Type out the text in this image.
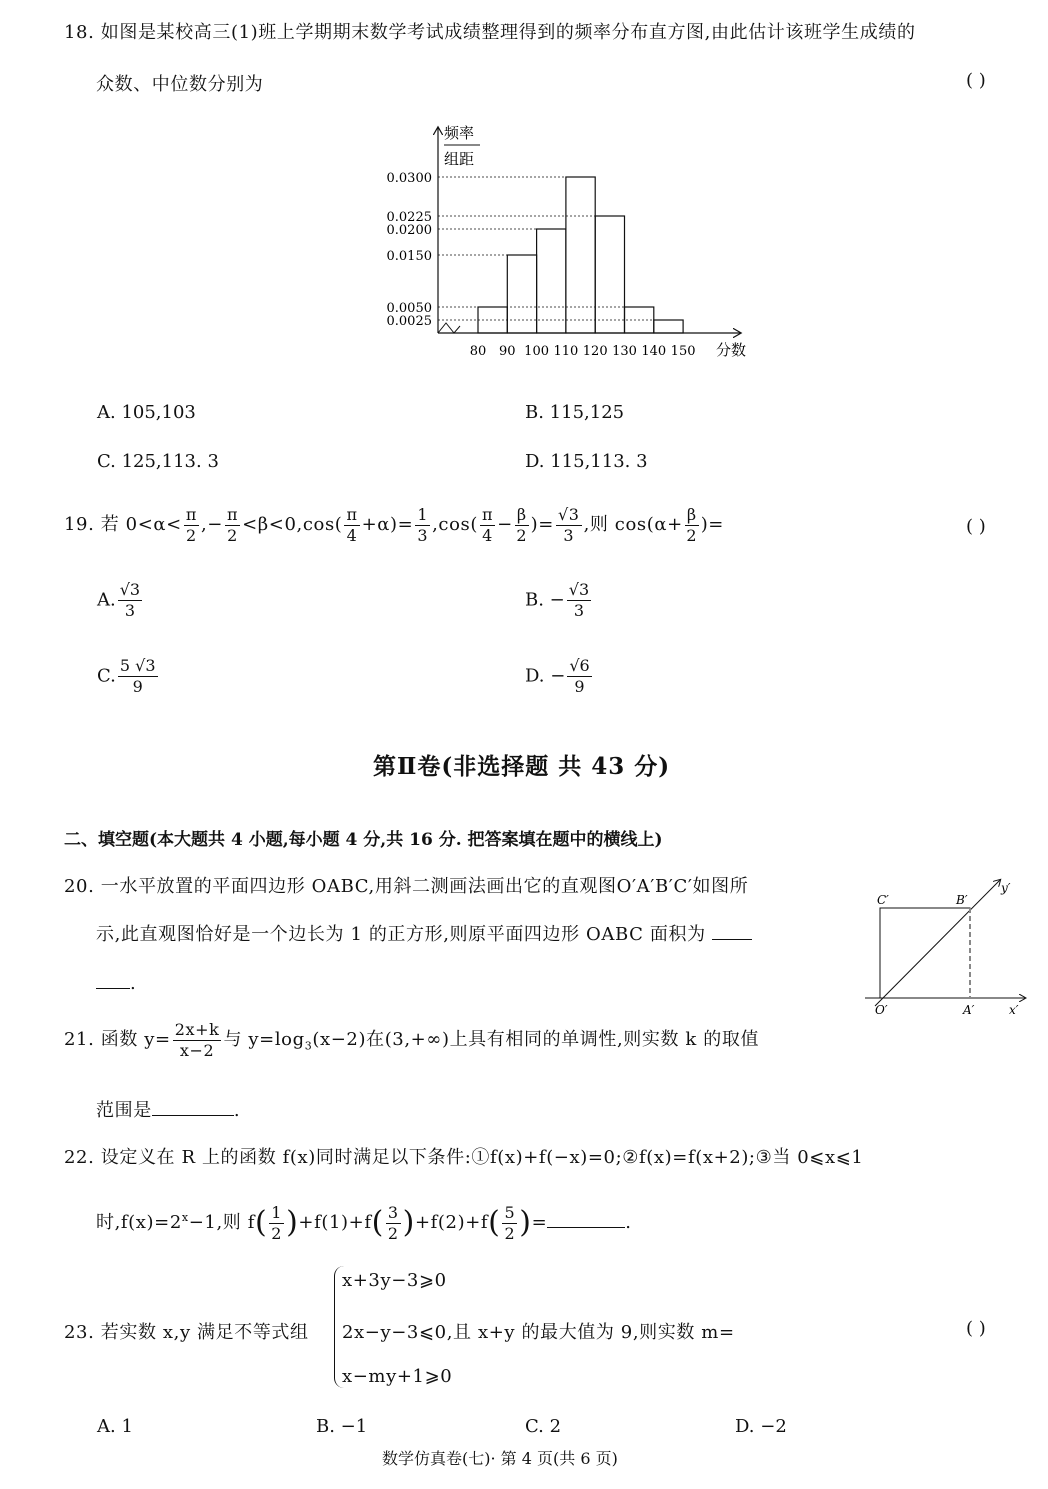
18. 如图是某校高三(1)班上学期期末数学考试成绩整理得到的频率分布直方图,由此估计该班学生成绩的
众数、中位数分别为	( )
频率
组距
分数
0.0300
0.0225
0.0200
0.0150
0.0050
0.0025
80 90 100 110 120 130 140 150
A. 105,103	B. 115,125
C. 125,113. 3	D. 115,113. 3
19. 若 $0<\alpha< \frac{\pi}{2}$ ,− $\frac{\pi}{2} <\beta<0,\cos( \frac{\pi}{4} +\alpha)= \frac{1}{3} ,\cos( \frac{\pi}{4} - \frac{\beta}{2}$ )= $\frac{√3}{3}$ ,则 $\cos(\alpha+ \frac{\beta}{2}$ )=	( )
A. $\frac{√3}{3}$	B. − $\frac{√3}{3}$
C. $\frac{5 √3}{9}$	D. − $\frac{√6}{9}$
第Ⅱ卷(非选择题 共 43 分)
二、填空题(本大题共 4 小题,每小题 4 分,共 16 分. 把答案填在题中的横线上)
20. 一水平放置的平面四边形 OABC,用斜二测画法画出它的直观图O′A′B′C′如图所
示,此直观图恰好是一个边长为 1 的正方形,则原平面四边形 OABC 面积为
.
C′	B′
y′
O′	A′	x′
21. 函数 $y= \frac{2x+k}{x-2}$ 与 $y=\log_3(x-2)$在(3,+∞)上具有相同的单调性,则实数 k 的取值
范围是	.
22. 设定义在 R 上的函数 f(x)同时满足以下条件:①f(x)+f(−x)=0;②f(x)=f(x+2);③当 0⩽x⩽1
时$,f(x)=2^x-1$,则 $f( \frac{1}{2} )+f(1)+f( \frac{3}{2} )+f(2)+f( \frac{5}{2}$ )=	.
23. 若实数 x,y 满足不等式组
x+3y−3⩾0
2x−y−3⩽0,且 x+y 的最大值为 9,则实数 m=
x−my+1⩾0
( )
A. 1	B. −1	C. 2	D. −2
数学仿真卷(七)· 第 4 页(共 6 页)
